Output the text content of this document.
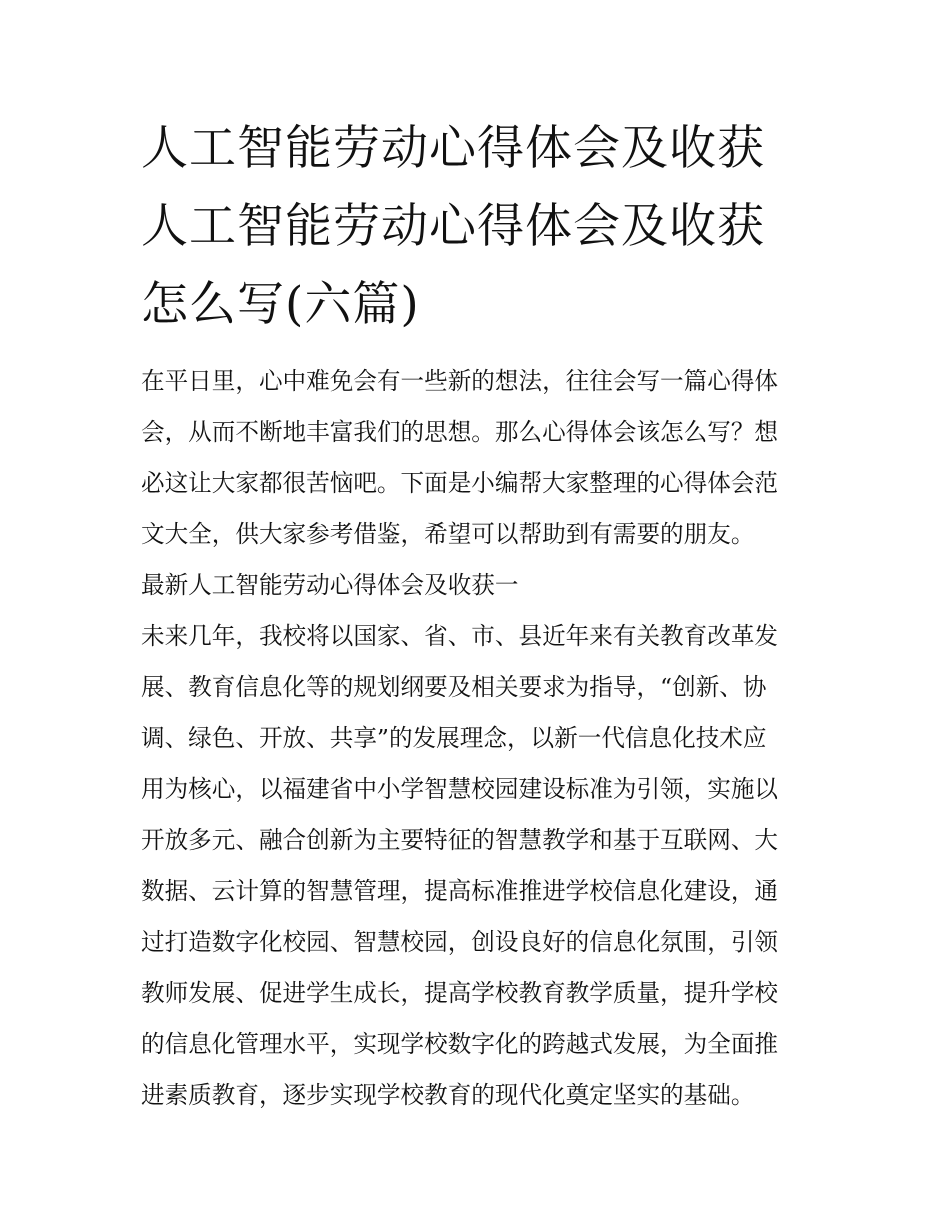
人工智能劳动心得体会及收获
人工智能劳动心得体会及收获
怎么写(六篇)

在平日里，心中难免会有一些新的想法，往往会写一篇心得体
会，从而不断地丰富我们的思想。那么心得体会该怎么写？想
必这让大家都很苦恼吧。下面是小编帮大家整理的心得体会范
文大全，供大家参考借鉴，希望可以帮助到有需要的朋友。

最新人工智能劳动心得体会及收获一

未来几年，我校将以国家、省、市、县近年来有关教育改革发
展、教育信息化等的规划纲要及相关要求为指导，“创新、协
调、绿色、开放、共享”的发展理念，以新一代信息化技术应
用为核心，以福建省中小学智慧校园建设标准为引领，实施以
开放多元、融合创新为主要特征的智慧教学和基于互联网、大
数据、云计算的智慧管理，提高标准推进学校信息化建设，通
过打造数字化校园、智慧校园，创设良好的信息化氛围，引领
教师发展、促进学生成长，提高学校教育教学质量，提升学校
的信息化管理水平，实现学校数字化的跨越式发展，为全面推
进素质教育，逐步实现学校教育的现代化奠定坚实的基础。
